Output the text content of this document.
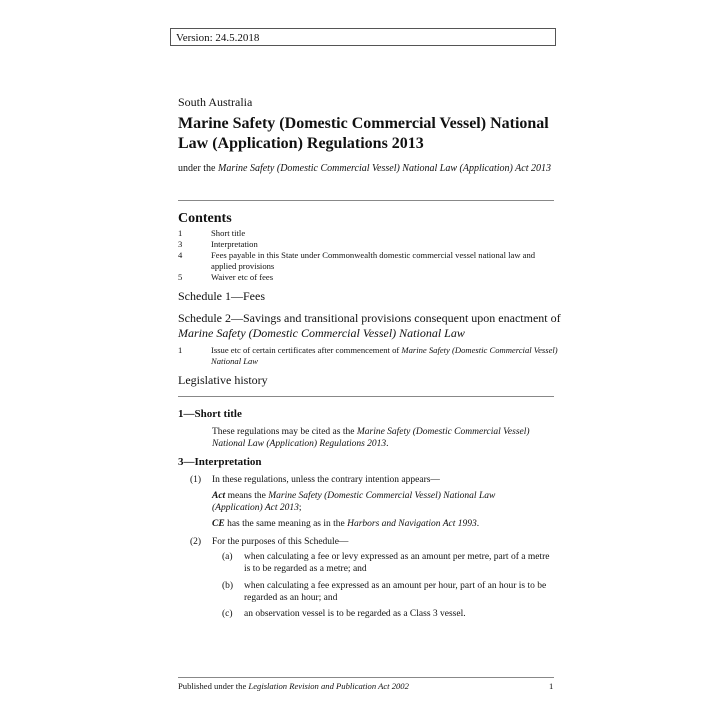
Version: 24.5.2018
South Australia
Marine Safety (Domestic Commercial Vessel) National Law (Application) Regulations 2013
under the Marine Safety (Domestic Commercial Vessel) National Law (Application) Act 2013
Contents
1	Short title
3	Interpretation
4	Fees payable in this State under Commonwealth domestic commercial vessel national law and applied provisions
5	Waiver etc of fees
Schedule 1—Fees
Schedule 2—Savings and transitional provisions consequent upon enactment of Marine Safety (Domestic Commercial Vessel) National Law
1	Issue etc of certain certificates after commencement of Marine Safety (Domestic Commercial Vessel) National Law
Legislative history
1—Short title
These regulations may be cited as the Marine Safety (Domestic Commercial Vessel) National Law (Application) Regulations 2013.
3—Interpretation
(1)	In these regulations, unless the contrary intention appears—
Act means the Marine Safety (Domestic Commercial Vessel) National Law (Application) Act 2013;
CE has the same meaning as in the Harbors and Navigation Act 1993.
(2)	For the purposes of this Schedule—
(a)	when calculating a fee or levy expressed as an amount per metre, part of a metre is to be regarded as a metre; and
(b)	when calculating a fee expressed as an amount per hour, part of an hour is to be regarded as an hour; and
(c)	an observation vessel is to be regarded as a Class 3 vessel.
Published under the Legislation Revision and Publication Act 2002	1
